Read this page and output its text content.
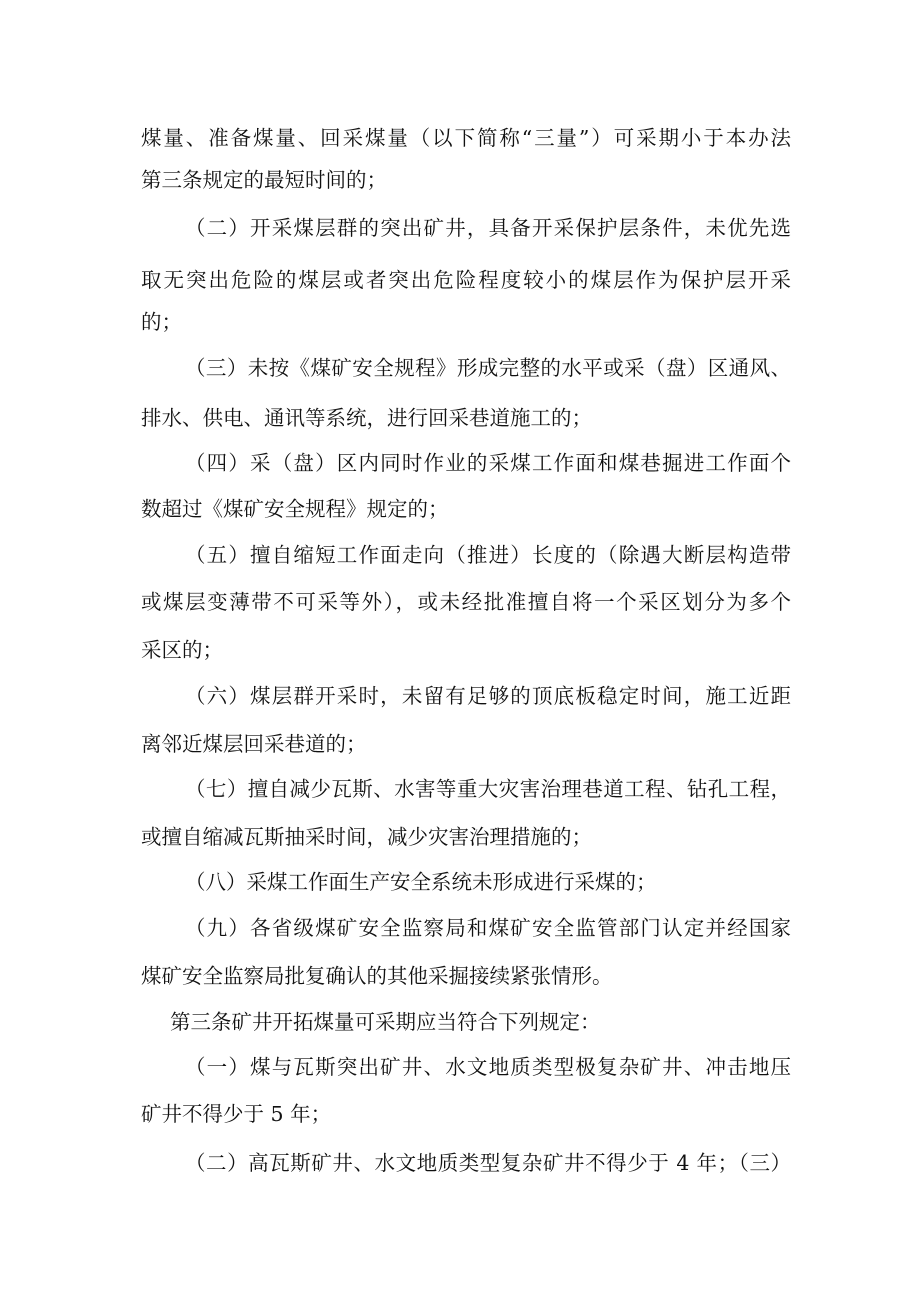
煤量、准备煤量、回采煤量（以下简称“三量”）可采期小于本办法
第三条规定的最短时间的；
（二）开采煤层群的突出矿井，具备开采保护层条件，未优先选
取无突出危险的煤层或者突出危险程度较小的煤层作为保护层开采
的；
（三）未按《煤矿安全规程》形成完整的水平或采（盘）区通风、
排水、供电、通讯等系统，进行回采巷道施工的；
（四）采（盘）区内同时作业的采煤工作面和煤巷掘进工作面个
数超过《煤矿安全规程》规定的；
（五）擅自缩短工作面走向（推进）长度的（除遇大断层构造带
或煤层变薄带不可采等外），或未经批准擅自将一个采区划分为多个
采区的；
（六）煤层群开采时，未留有足够的顶底板稳定时间，施工近距
离邻近煤层回采巷道的；
（七）擅自减少瓦斯、水害等重大灾害治理巷道工程、钻孔工程，
或擅自缩减瓦斯抽采时间，减少灾害治理措施的；
（八）采煤工作面生产安全系统未形成进行采煤的；
（九）各省级煤矿安全监察局和煤矿安全监管部门认定并经国家
煤矿安全监察局批复确认的其他采掘接续紧张情形。
第三条矿井开拓煤量可采期应当符合下列规定：
（一）煤与瓦斯突出矿井、水文地质类型极复杂矿井、冲击地压
矿井不得少于 5 年；
（二）高瓦斯矿井、水文地质类型复杂矿井不得少于 4 年；（三）
